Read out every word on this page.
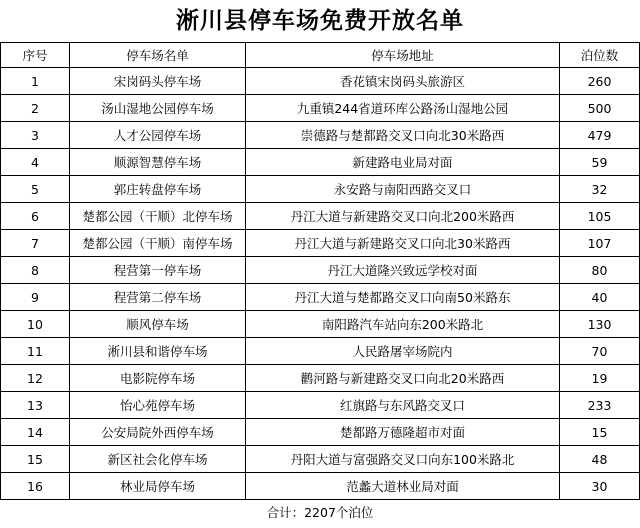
淅川县停车场免费开放名单
序号	停车场名单	停车场地址	泊位数
1	宋岗码头停车场	香花镇宋岗码头旅游区	260
2	汤山湿地公园停车场	九重镇244省道环库公路汤山湿地公园	500
3	人才公园停车场	崇德路与楚都路交叉口向北30米路西	479
4	顺源智慧停车场	新建路电业局对面	59
5	郭庄转盘停车场	永安路与南阳西路交叉口	32
6	楚都公园（干顺）北停车场	丹江大道与新建路交叉口向北200米路西	105
7	楚都公园（干顺）南停车场	丹江大道与新建路交叉口向北30米路西	107
8	程营第一停车场	丹江大道隆兴致远学校对面	80
9	程营第二停车场	丹江大道与楚都路交叉口向南50米路东	40
10	顺风停车场	南阳路汽车站向东200米路北	130
11	淅川县和谐停车场	人民路屠宰场院内	70
12	电影院停车场	鹳河路与新建路交叉口向北20米路西	19
13	怡心苑停车场	红旗路与东风路交叉口	233
14	公安局院外西停车场	楚都路万德隆超市对面	15
15	新区社会化停车场	丹阳大道与富强路交叉口向东100米路北	48
16	林业局停车场	范蠡大道林业局对面	30
合计：2207个泊位
